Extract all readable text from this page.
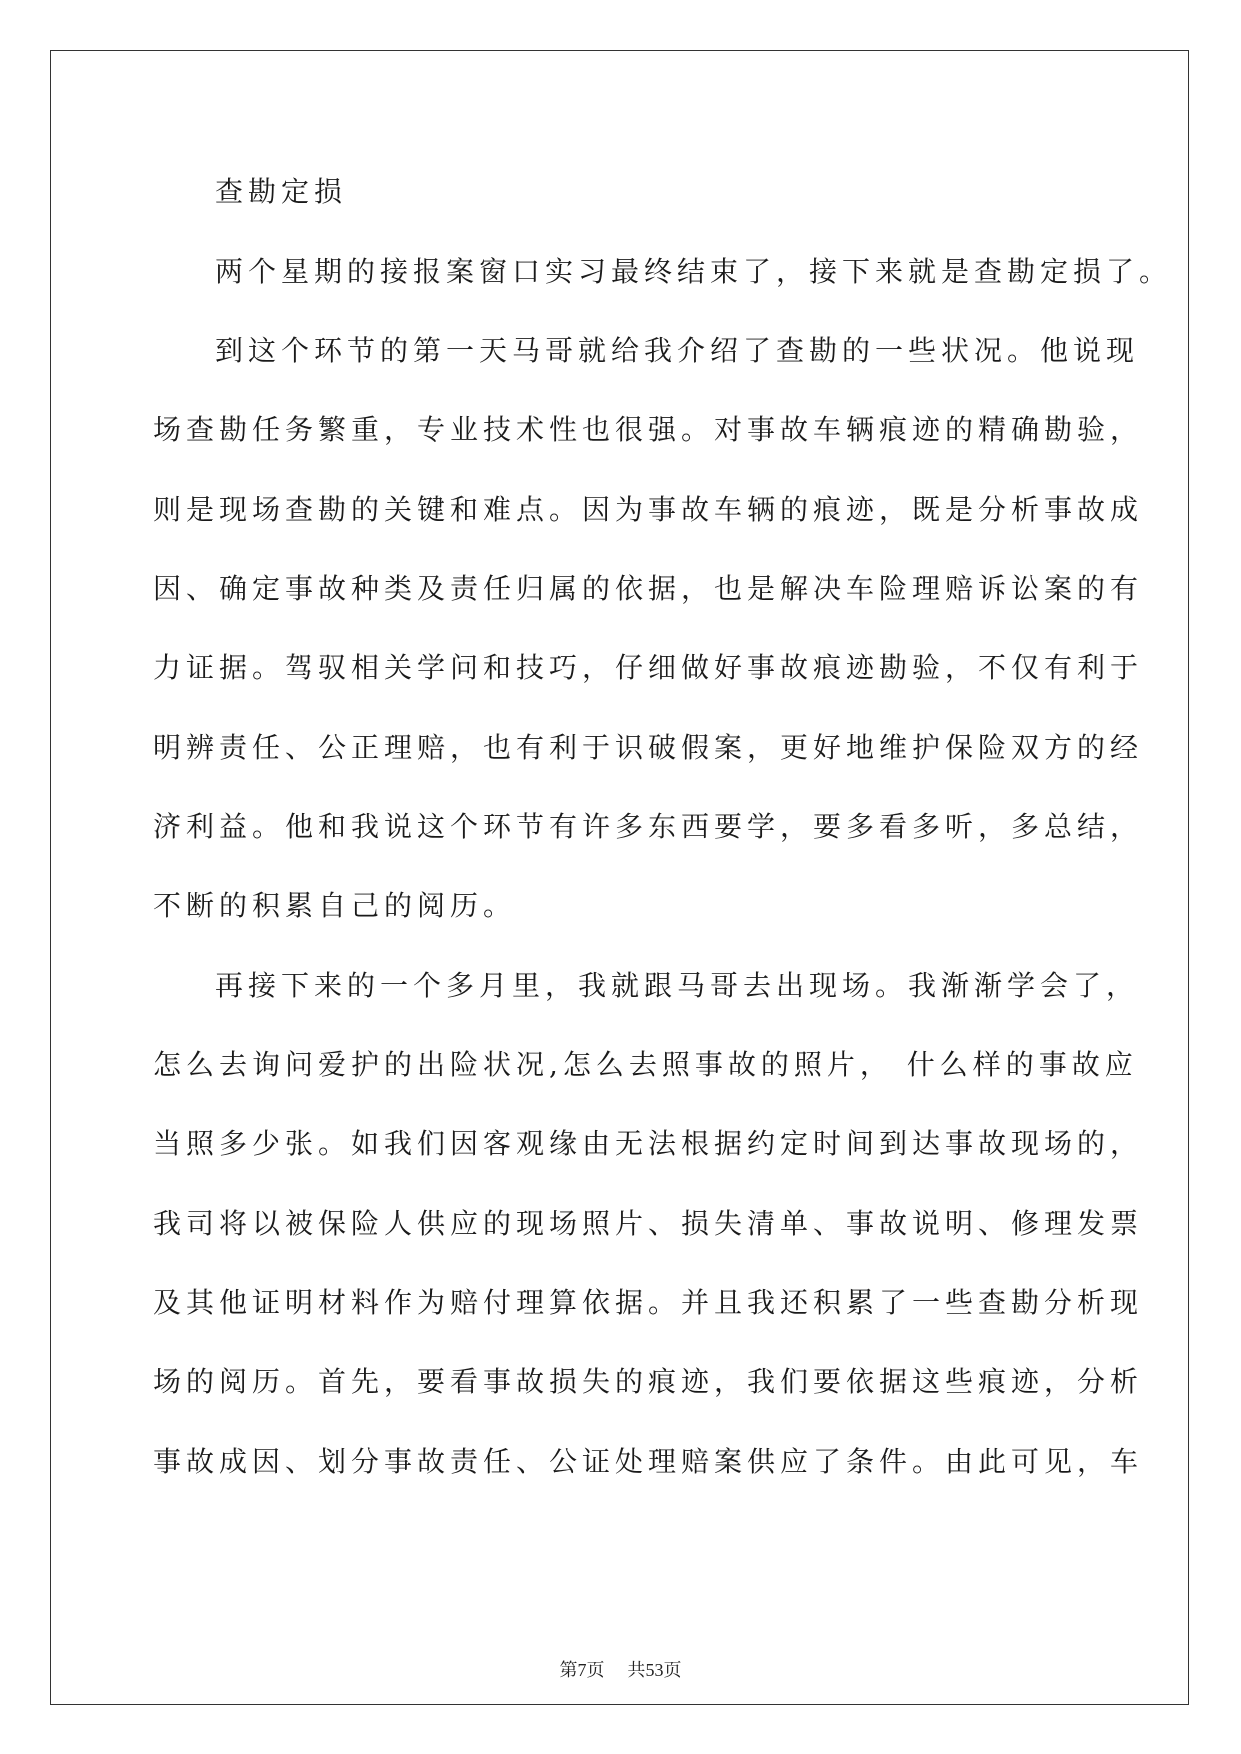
查勘定损
两个星期的接报案窗口实习最终结束了，接下来就是查勘定损了。
到这个环节的第一天马哥就给我介绍了查勘的一些状况。他说现
场查勘任务繁重，专业技术性也很强。对事故车辆痕迹的精确勘验，
则是现场查勘的关键和难点。因为事故车辆的痕迹，既是分析事故成
因、确定事故种类及责任归属的依据，也是解决车险理赔诉讼案的有
力证据。驾驭相关学问和技巧，仔细做好事故痕迹勘验，不仅有利于
明辨责任、公正理赔，也有利于识破假案，更好地维护保险双方的经
济利益。他和我说这个环节有许多东西要学，要多看多听，多总结，
不断的积累自己的阅历。
再接下来的一个多月里，我就跟马哥去出现场。我渐渐学会了，
怎么去询问爱护的出险状况,怎么去照事故的照片， 什么样的事故应
当照多少张。如我们因客观缘由无法根据约定时间到达事故现场的，
我司将以被保险人供应的现场照片、损失清单、事故说明、修理发票
及其他证明材料作为赔付理算依据。并且我还积累了一些查勘分析现
场的阅历。首先，要看事故损失的痕迹，我们要依据这些痕迹，分析
事故成因、划分事故责任、公证处理赔案供应了条件。由此可见，车
第7页    共53页
